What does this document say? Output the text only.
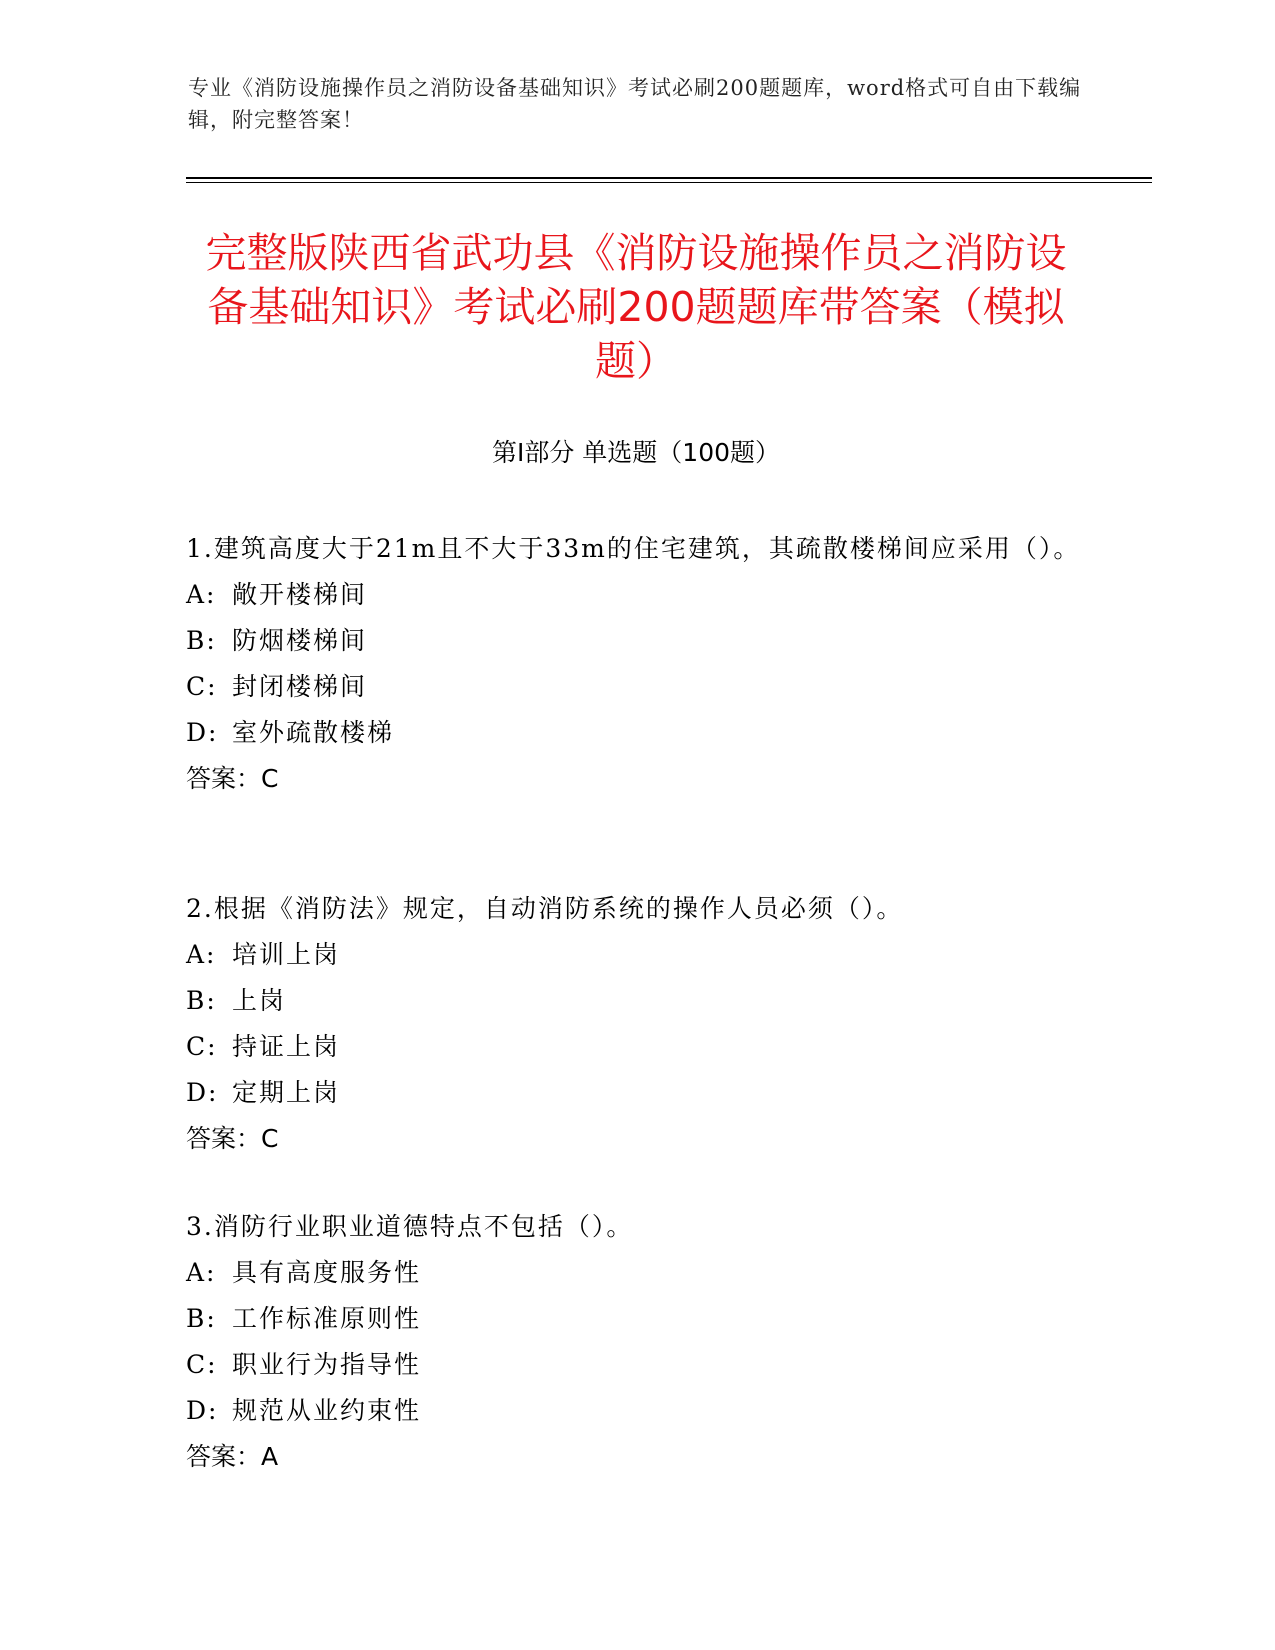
专业《消防设施操作员之消防设备基础知识》考试必刷200题题库，word格式可自由下载编辑，附完整答案！
完整版陕西省武功县《消防设施操作员之消防设备基础知识》考试必刷200题题库带答案（模拟题）
第Ⅰ部分 单选题（100题）

1.建筑高度大于21m且不大于33m的住宅建筑，其疏散楼梯间应采用（）。

A: 敞开楼梯间

B: 防烟楼梯间

C: 封闭楼梯间

D: 室外疏散楼梯

答案：C

2.根据《消防法》规定，自动消防系统的操作人员必须（）。

A: 培训上岗

B: 上岗

C: 持证上岗

D: 定期上岗

答案：C

3.消防行业职业道德特点不包括（）。

A: 具有高度服务性

B: 工作标准原则性

C: 职业行为指导性

D: 规范从业约束性

答案：A
